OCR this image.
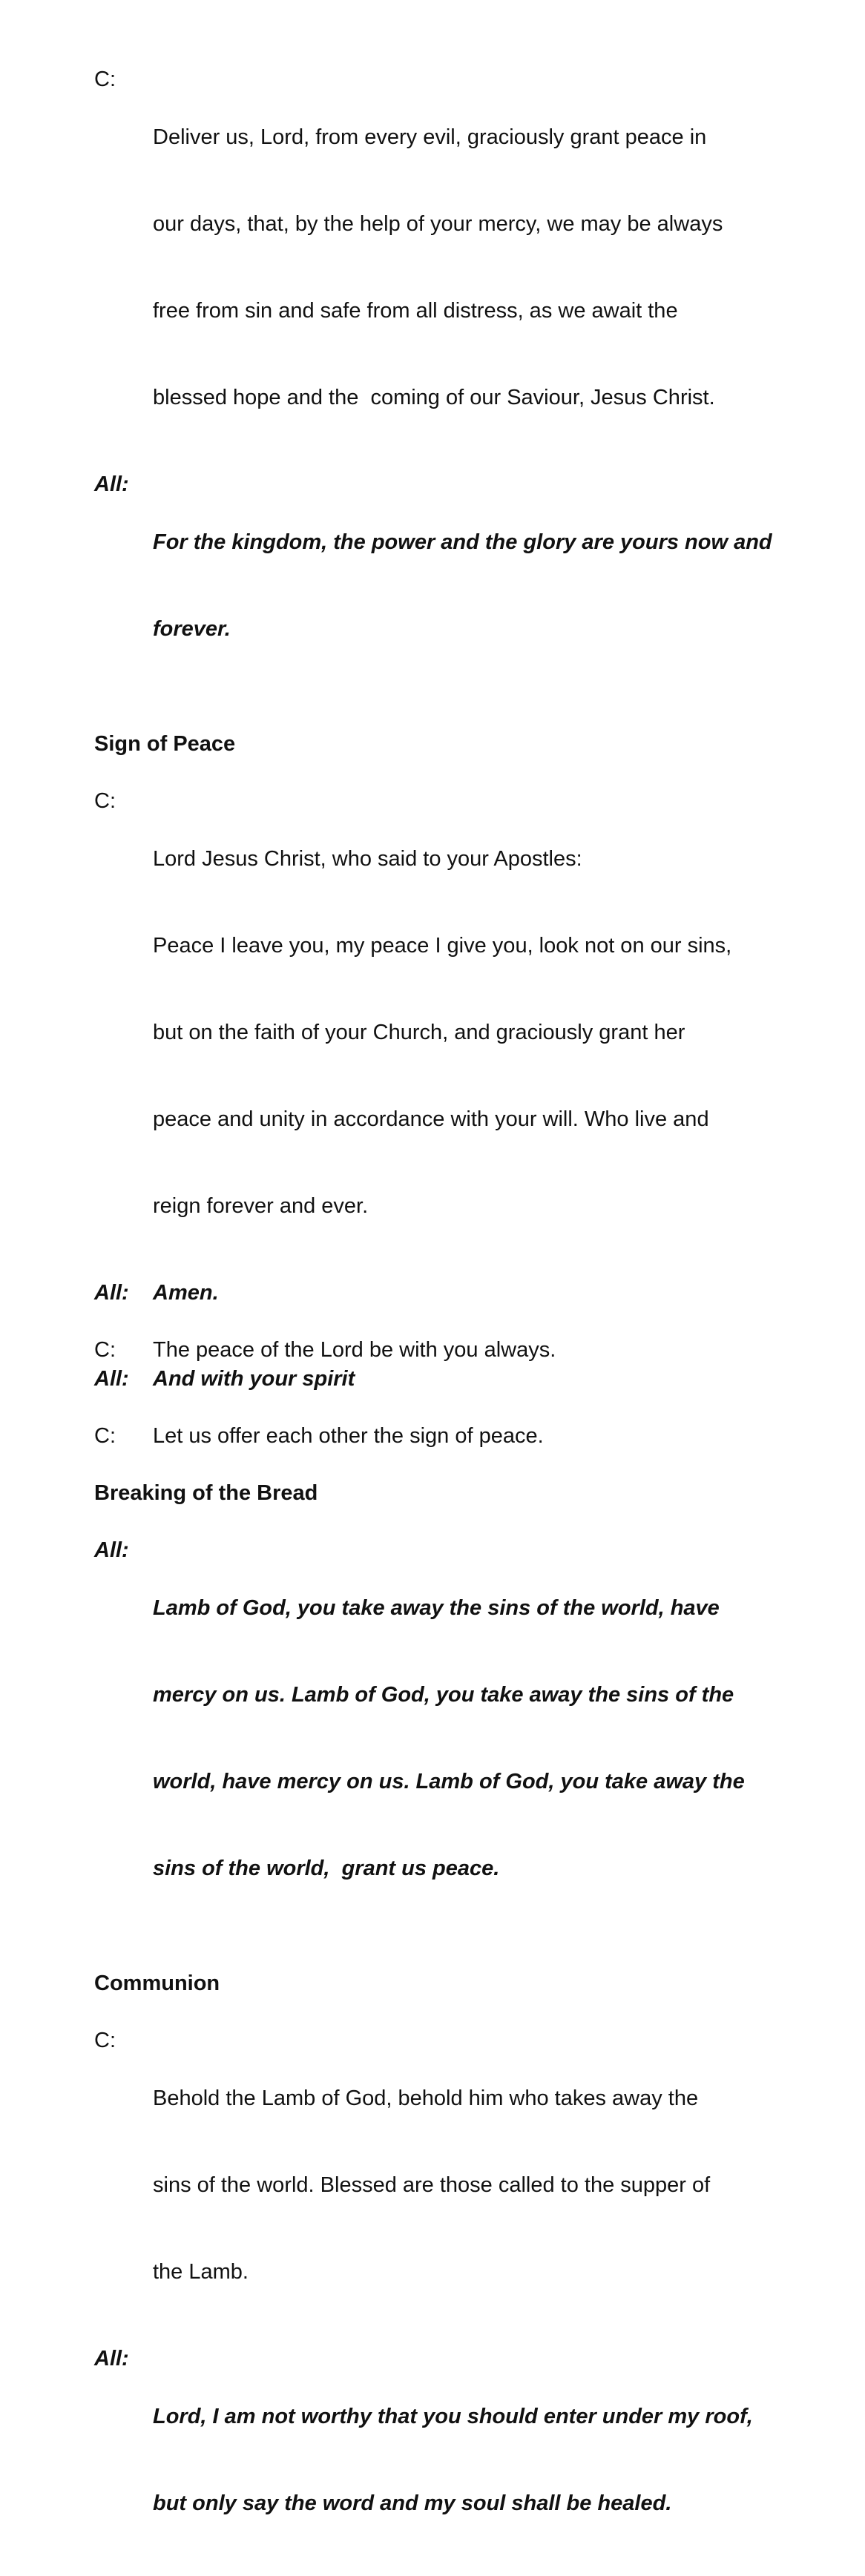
C:

Deliver us, Lord, from every evil, graciously grant peace in

our days, that, by the help of your mercy, we may be always

free from sin and safe from all distress, as we await the

blessed hope and the  coming of our Saviour, Jesus Christ.

All:

For the kingdom, the power and the glory are yours now and

forever.

Sign of Peace
C:

Lord Jesus Christ, who said to your Apostles:

Peace I leave you, my peace I give you, look not on our sins,

but on the faith of your Church, and graciously grant her

peace and unity in accordance with your will. Who live and

reign forever and ever.

All:	Amen.
C:	The peace of the Lord be with you always.
All:	And with your spirit
C:	Let us offer each other the sign of peace.
Breaking of the Bread
All:

Lamb of God, you take away the sins of the world, have

mercy on us. Lamb of God, you take away the sins of the

world, have mercy on us. Lamb of God, you take away the

sins of the world,  grant us peace.

Communion
C:

Behold the Lamb of God, behold him who takes away the

sins of the world. Blessed are those called to the supper of

the Lamb.

All:

Lord, I am not worthy that you should enter under my roof,

but only say the word and my soul shall be healed.
